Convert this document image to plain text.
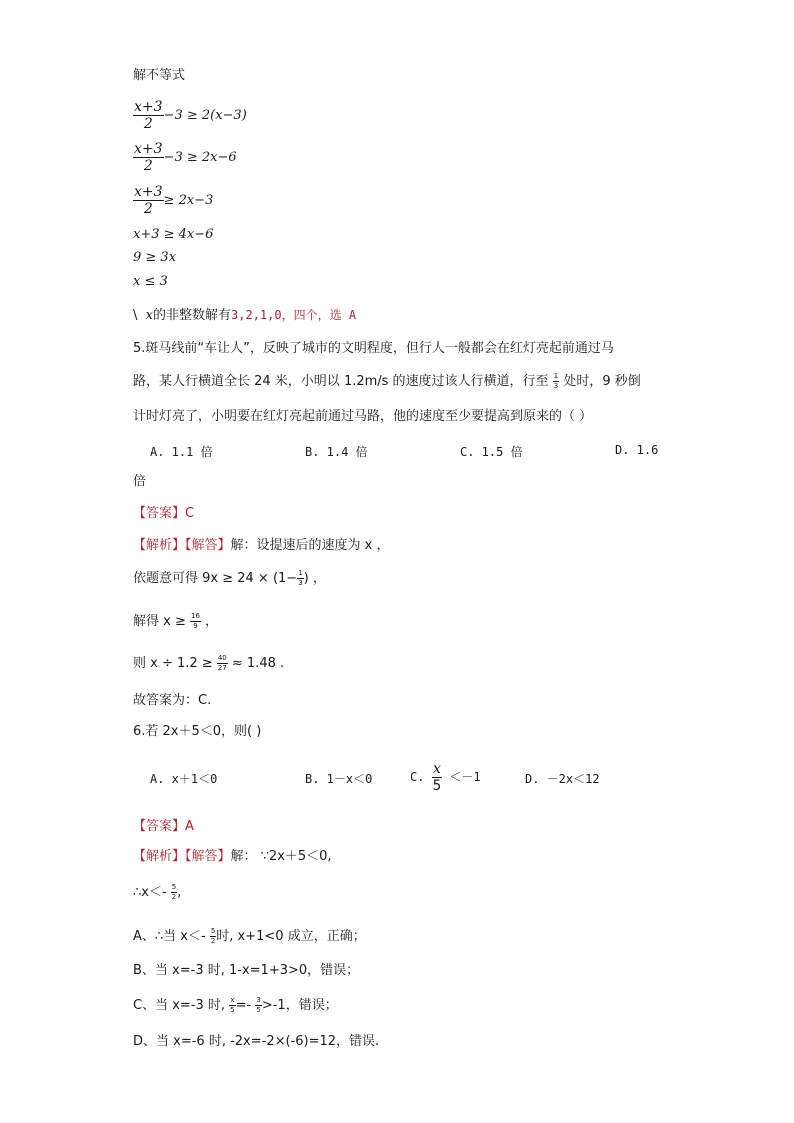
解不等式
$\frac{x+3}{2} -3 \ge 2(x-3)$
$\frac{x+3}{2} -3 \ge 2x-6$
$\frac{x+3}{2} \ge 2x-3$
x+3 ≥ 4x−6
9 ≥ 3x
x ≤ 3
\ x的非整数解有3,2,1,0，四个，选 A
5.斑马线前“车让人”，反映了城市的文明程度，但行人一般都会在红灯亮起前通过马
路，某人行横道全长 24 米，小明以 1.2m/s 的速度过该人行横道，行至 $\frac{1}{3}$ 处时，9 秒倒
计时灯亮了，小明要在红灯亮起前通过马路，他的速度至少要提高到原来的（ ）
A. 1.1 倍	B. 1.4 倍	C. 1.5 倍	D. 1.6
倍
【答案】C
【解析】【解答】解：设提速后的速度为 x ，
依题意可得 $9x \ge 24 \times (1- \frac{1}{3}$ ) ，
解得 $x \ge \frac{16}{9}$ ，
则 $x \div 1.2 \ge \frac{40}{27} \approx 1.48$ .
故答案为：C.
6.若 2x＋5＜0，则( )
A. x＋1＜0	B. 1－x＜0	C. $\frac{x}{5} <-1$	D. －2x＜12
【答案】A
【解析】【解答】解： ∵2x＋5＜0,
∴x＜- $\frac{5}{2}$ ,
A、∴当 $x<- \frac{5}{2}$ 时, x+1<0 成立，正确；
B、当 x=-3 时, 1-x=1+3>0，错误；
C、当 x=-3 时, $\frac{x}{5} =- \frac{3}{5} >-1$，错误；
D、当 x=-6 时, -2x=-2×(-6)=12，错误.
